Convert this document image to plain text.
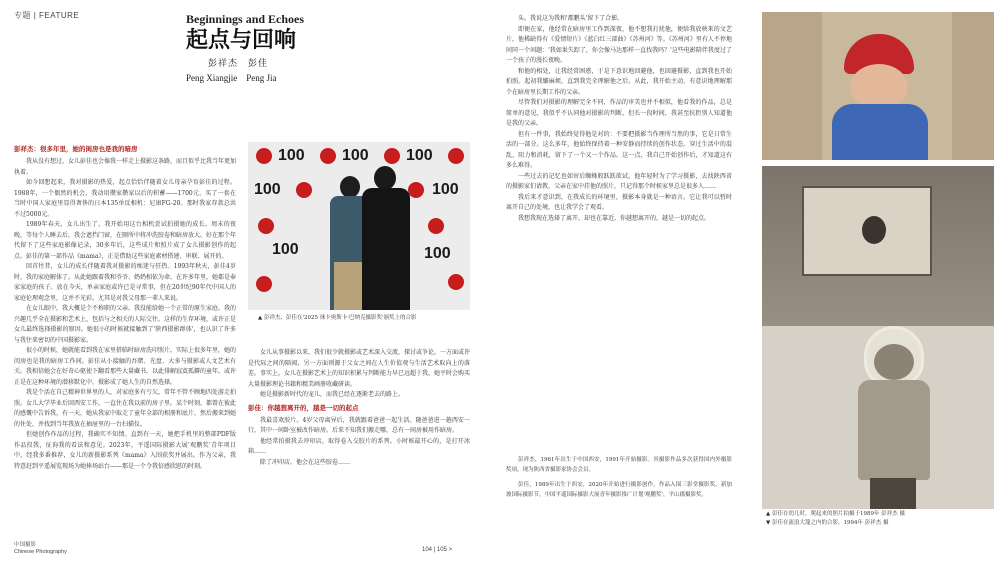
专题 | FEATURE	Beginnings and Echoes
起点与回响
彭祥杰　彭佳
Peng Xiangjie　Peng Jia
彭祥杰：很多年里，她的闺房也是我的暗房

我从没有想过，女儿彭佳也会像我一样走上摄影这条路，而且似乎比我当年更加执着。

如今回想起来，我对摄影的热爱，起点恰恰伴随着女儿母亲孕育彭佳的过程。1988年，一个偶然的机会，我动用攒家攒家以后的积蓄——1700元，买了一套在当时中国人家庭里显得奢侈的日本135单反相机：尼康FG-20。那时我家存款总共不过5000元。

1989年春天，女儿出生了。我开始用这台相机尝试拍摄她的成长。周末的夜晚，等每个人睡去后，我会遮挡门窗，在厕所中将冲洗胶卷和暗房放大。好在那个年代留下了这些家庭影像记录，30多年后，这些成片和照片成了女儿摄影创作的起点。彭佳的第一部作品《mama》，正是借助这些家庭素材搭建、串联、展开的。

回首往昔，女儿的成长伴随着我对摄影的痴迷与狂热。1993年秋天，彭佳4岁时，我的家庭解体了。从此她跟着我和爷爷、奶奶相依为命。在许多年里，她都是奉家家庭的孩子。放在今天，单亲家庭或许已是寻常事，但在20世纪90年代中国人的家庭伦理观念里，这并不光彩。尤其是对我父母那一辈人来说。

在女儿眼中，我大概是个不称职的父亲。我没能给她一个正常的原生家庭。我的兴趣几乎全在摄影和艺术上，包括与之相关的人际交往。这样的生存环境，或许正是女儿最终选择摄影的原因。她很小的时候就接触到了'陕西摄影群体'，也认识了许多与我往来密切的中国摄影家。

很小的时候，她就能看到我在家里搭临时暗房洗印照片。实际上很多年里，她的闺房也是我的暗房工作间。彭佳从小接触的吾睹、光盘、大多与摄影或人文艺术有关。我相信她会在好奇心驱使下翻看那些大量藏书，以此排解寂寞孤僻的童年，或许正是在这种环境的潜移默化中，摄影成了她人生的自然选择。

我是个活在自己精神世界里的人，对家庭多有亏欠，常年不管不顾地四处游走拍照。女儿大学毕业后回西安工作，一直住在我以前的房子里。某个时刻，都曾在彼此的感慨中告诉我，有一天，她从我家中取走了童年全部的相册和底片，然后搬来到她的住处，并找到当年我放在抽屉里的一台扫描仪。

但她创作作品的过程，我确实不知情。直到有一天，她把手机里的整部PDF版作品投我，征询我的看法和意见。2023年，平遥国际摄影大展'观鹏奖'青年项目中，经我多番推荐，女儿的新摄影系列《mama》入围获奖并展出。作为父亲，我特意赶到平遥展览现场为她捧场站台——那是一个令我倍感欣慰的时刻。

100 100 100
100	100
100	100
▲ 彭祥杰、彭佳在'2025 徕卡奥斯卡·巴纳克摄影奖'颁奖上的合影

女儿从事摄影以来，我们很少就摄影或艺术深入交流，探讨或争论，一方面或许是代际之间的隔阂，另一方面则源于父女之间在人生价值观与生活艺术取向上的落差。事实上，女儿在摄影艺术上的知识积累与判断能力早已远超于我，她平时会购买大量摄影理论书籍和精美画册收藏研读。

她是摄影新时代的宠儿，而我已经在逐渐老去的路上。

彭佳：你越想离开的，越是一切的起点

我最喜欢胶片。4岁父母离异后，我就跟着爸爸一起生活。随爸爸进一趟西安一行，其中一间卧室被改作暗房。后来不知我们搬走哪，总有一间房被用作暗房。

他经常拍摄我去冲印店，取得卷入交胶片的系列。小时候最开心的，是打开冰箱……

除了冲印店，他会在这些胶卷……

头。我说这为我和'都鹏头'留下了合影。

即便在家，他经常在暗房里工作到深夜，他不想我打扰他，便给我放映来的文艺片，他稀缺得有《爱情短片》《蓝白红三部曲》《苏州河》等。《苏州河》里有人不停地问同一个问题：'我如果失踪了，你会像马达那样一直找我吗？'这些电影陪伴我度过了一个孩子的漫长夜晚。

和他的相处，让我经常困惑，于是下意识地回避他，也回避摄影，直到我也开始拍照。起初我嫌麻烦，直到我完全理解他之后。从此，我开始主动、有意识地理解那个在暗房里长期工作的父亲。

尽管我们对摄影的理解完全不同，作品的审美也并不相似，他看我的作品，总是简单的意见，我似乎不认同他对摄影的判断。但长一段时间，我甚至抗拒别人知道他是我的父亲。

但有一件事，我始终觉得他是对的：不要把摄影当作理所当然的事，它是日常生活的一部分。这么多年，他始终保持着一种安静而持续的创作状态。穿过生活中的混乱，阻力和消耗，留下了一个又一个作品。这一点，我自己开始创作后，才知道这有多么难得。

一些过去的记忆也如帘后蜘蛛般跃跃欲试。他年轻时为了学习摄影，去找陕西省的摄影家们请教，父亲在家中挂他的照片，只记得那个时候家里总是很多人……

我后来才意识到，在我成长的环境里，摄影本身就是一种语言。它让我可以暂时离开自己的处境，也让我学会了观看。

我想我现在选择了离开，却也在靠近。你越想离开的，越是一切的起点。

彭祥杰，1961年出生于中国西安，1991年开始摄影。其摄影作品多次获得国内外摄影奖项，现为陕西省摄影家协会会员。

彭佳，1989年出生于西安，2020年开始进行摄影创作，作品入围三影堂摄影奖、新加坡国际摄影节，中国平遥国际摄影大展青年摄影推广计划'观鹏奖'，平山郡摄影奖。

▲ 彭佳在幼儿时，爬起来的照片拍摄于1989年 彭祥杰 摄
▼ 彭佳在流浪大篷之内的合影，1994年 彭祥杰 摄
中国摄影
Chinese Photography	104 | 105 >
